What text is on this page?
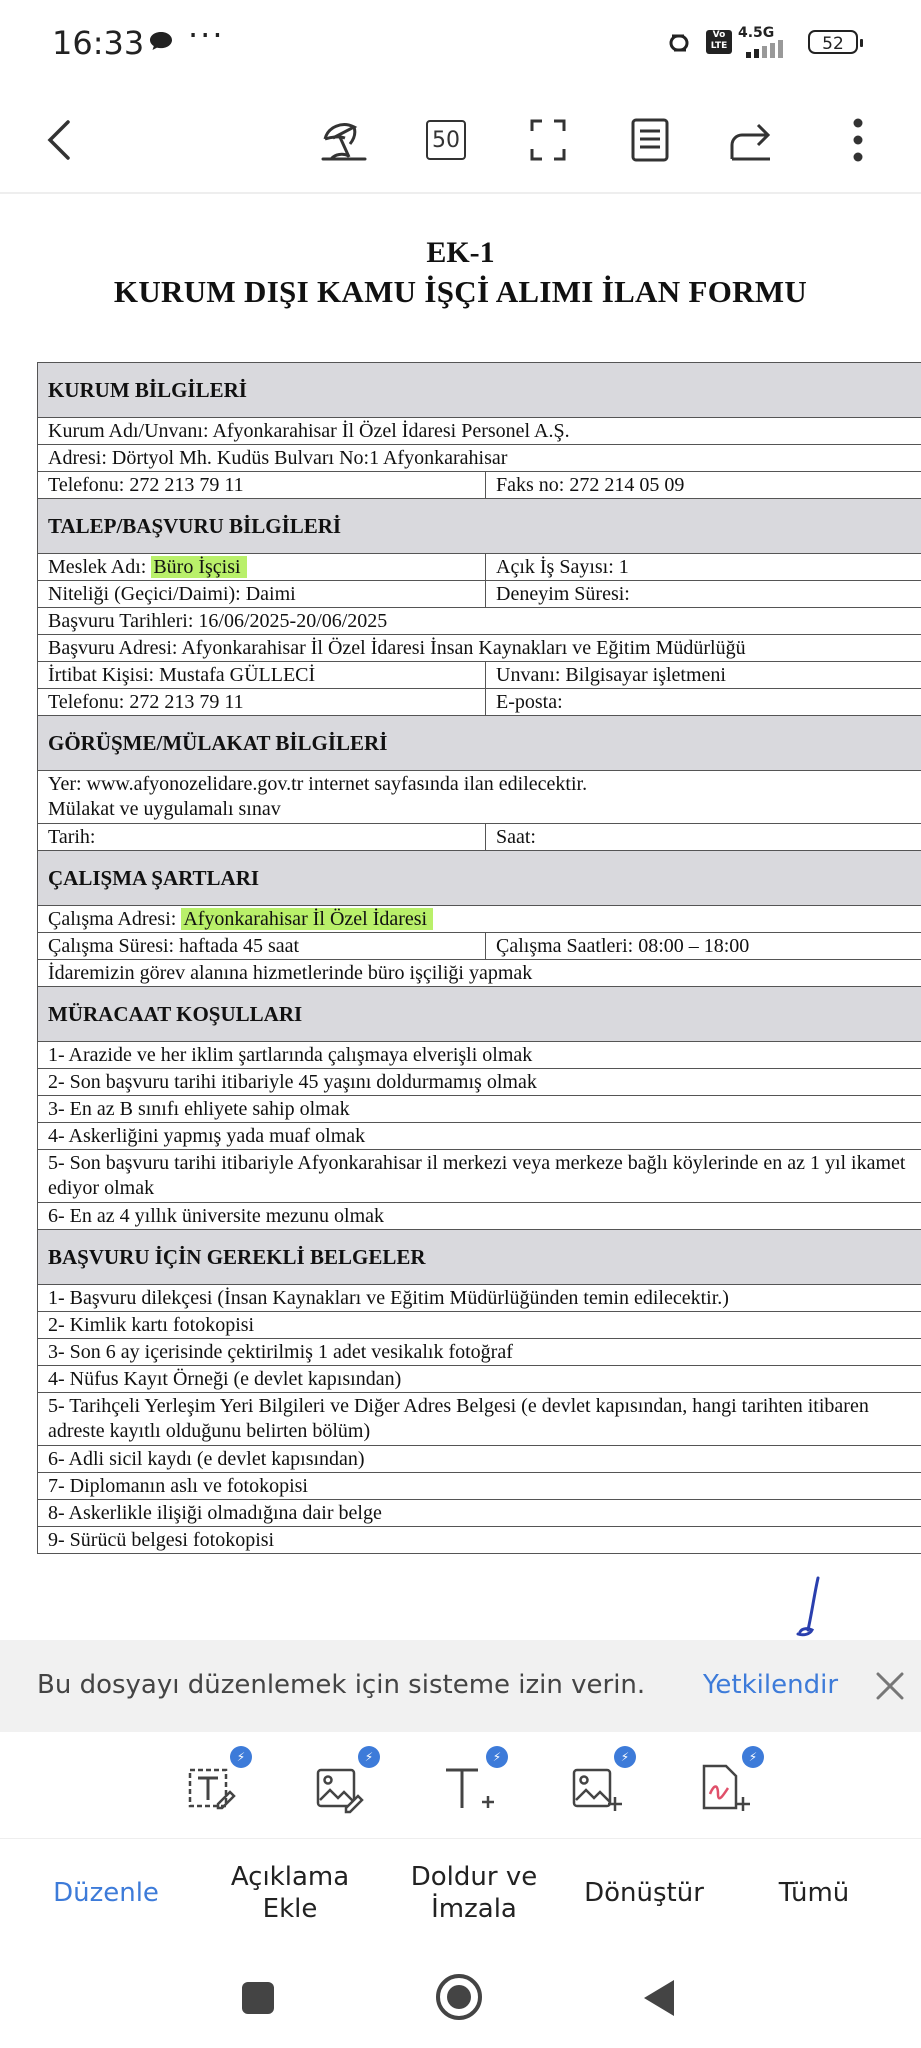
16:33 ···	Vo LTE
4.5G
52
50
EK-1
KURUM DIŞI KAMU İŞÇİ ALIMI İLAN FORMU
KURUM BİLGİLERİ	
Kurum Adı/Unvanı: Afyonkarahisar İl Özel İdaresi Personel A.Ş.	
Adresi: Dörtyol Mh. Kudüs Bulvarı No:1 Afyonkarahisar	
Telefonu: 272 213 79 11	Faks no: 272 214 05 09
TALEP/BAŞVURU BİLGİLERİ	
Meslek Adı: Büro İşçisi	Açık İş Sayısı: 1
Niteliği (Geçici/Daimi): Daimi	Deneyim Süresi:
Başvuru Tarihleri: 16/06/2025-20/06/2025	
Başvuru Adresi: Afyonkarahisar İl Özel İdaresi İnsan Kaynakları ve Eğitim Müdürlüğü	
İrtibat Kişisi: Mustafa GÜLLECİ	Unvanı: Bilgisayar işletmeni
Telefonu: 272 213 79 11	E-posta:
GÖRÜŞME/MÜLAKAT BİLGİLERİ	
Yer: www.afyonozelidare.gov.tr internet sayfasında ilan edilecektir.
Mülakat ve uygulamalı sınav	
Tarih:	Saat:
ÇALIŞMA ŞARTLARI	
Çalışma Adresi: Afyonkarahisar İl Özel İdaresi	
Çalışma Süresi: haftada 45 saat	Çalışma Saatleri: 08:00 – 18:00
İdaremizin görev alanına hizmetlerinde büro işçiliği yapmak	
MÜRACAAT KOŞULLARI	
1- Arazide ve her iklim şartlarında çalışmaya elverişli olmak	
2- Son başvuru tarihi itibariyle 45 yaşını doldurmamış olmak	
3- En az B sınıfı ehliyete sahip olmak	
4- Askerliğini yapmış yada muaf olmak	
5- Son başvuru tarihi itibariyle Afyonkarahisar il merkezi veya merkeze bağlı köylerinde en az 1 yıl ikamet ediyor olmak	
6- En az 4 yıllık üniversite mezunu olmak	
BAŞVURU İÇİN GEREKLİ BELGELER	
1- Başvuru dilekçesi (İnsan Kaynakları ve Eğitim Müdürlüğünden temin edilecektir.)	
2- Kimlik kartı fotokopisi	
3- Son 6 ay içerisinde çektirilmiş 1 adet vesikalık fotoğraf	
4- Nüfus Kayıt Örneği (e devlet kapısından)	
5- Tarihçeli Yerleşim Yeri Bilgileri ve Diğer Adres Belgesi (e devlet kapısından, hangi tarihten itibaren adreste kayıtlı olduğunu belirten bölüm)	
6- Adli sicil kaydı (e devlet kapısından)	
7- Diplomanın aslı ve fotokopisi	
8- Askerlikle ilişiği olmadığına dair belge	
9- Sürücü belgesi fotokopisi	
Bu dosyayı düzenlemek için sisteme izin verin. Yetkilendir
⚡	⚡	⚡	⚡	⚡
Düzenle
Açıklama Ekle
Doldur ve İmzala
Dönüştür	Tümü
